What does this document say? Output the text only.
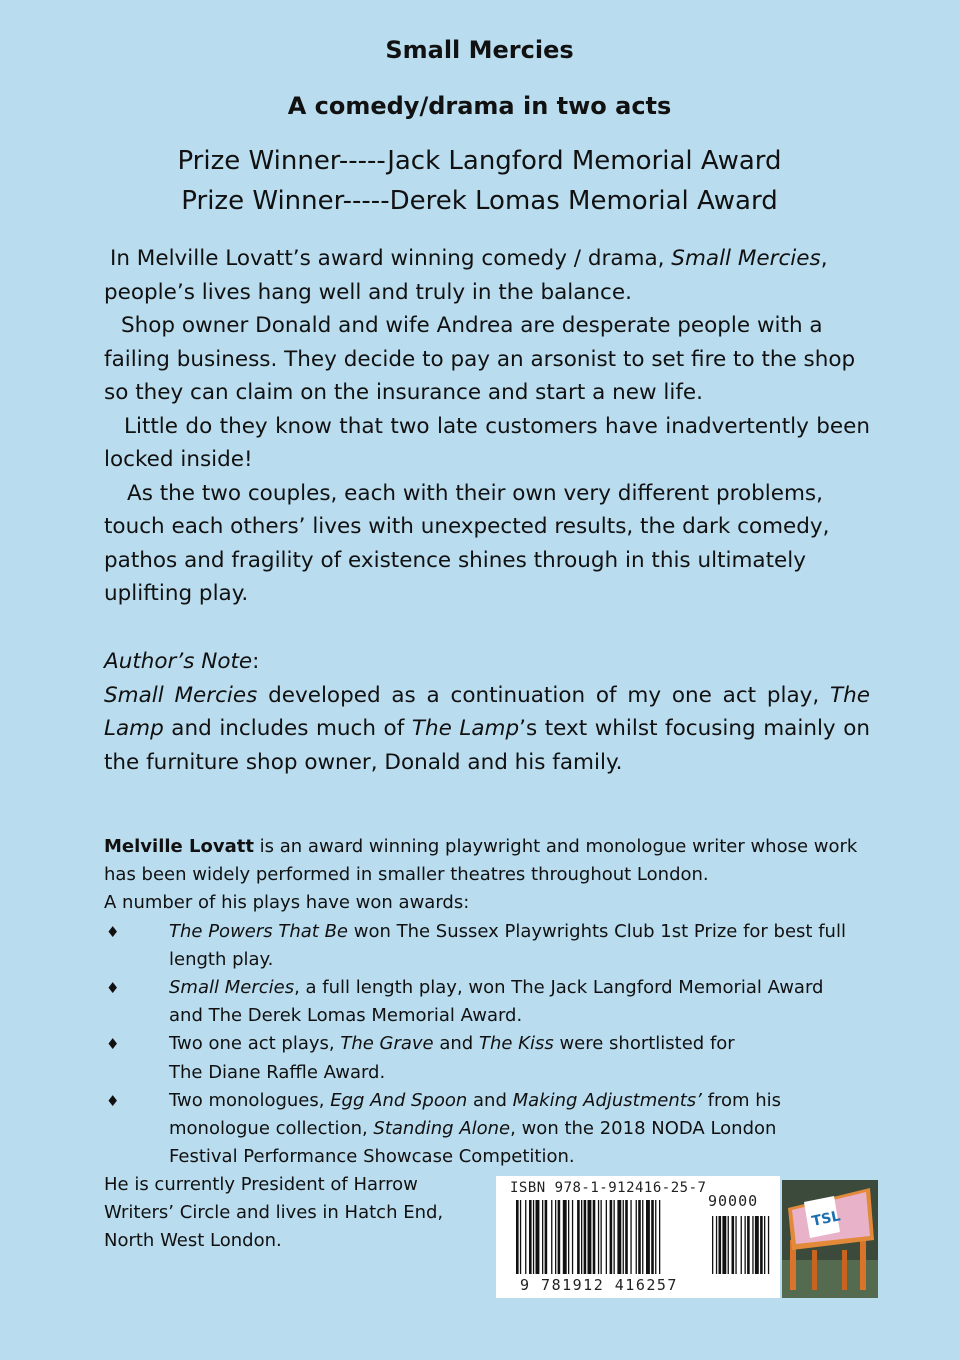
Small Mercies
A comedy/drama in two acts
Prize Winner-----Jack Langford Memorial Award
Prize Winner-----Derek Lomas Memorial Award

In Melville Lovatt’s award winning comedy / drama, Small Mercies, people’s lives hang well and truly in the balance.

Shop owner Donald and wife Andrea are desperate people with a failing business. They decide to pay an arsonist to set fire to the shop so they can claim on the insurance and start a new life.

Little do they know that two late customers have inadvertently been locked inside!

As the two couples, each with their own very different problems, touch each others’ lives with unexpected results, the dark comedy, pathos and fragility of existence shines through in this ultimately uplifting play.

Author’s Note:

Small Mercies developed as a continuation of my one act play, The Lamp and includes much of The Lamp’s text whilst focusing mainly on the furniture shop owner, Donald and his family.

Melville Lovatt is an award winning playwright and monologue writer whose work has been widely performed in smaller theatres throughout London.

A number of his plays have won awards:

♦	The Powers That Be won The Sussex Playwrights Club 1st Prize for best full length play.
♦	Small Mercies, a full length play, won The Jack Langford Memorial Award and The Derek Lomas Memorial Award.
♦	Two one act plays, The Grave and The Kiss were shortlisted for The Diane Raffle Award.
♦	Two monologues, Egg And Spoon and Making Adjustments’ from his monologue collection, Standing Alone, won the 2018 NODA London Festival Performance Showcase Competition.
He is currently President of Harrow Writers’ Circle and lives in Hatch End, North West London.
ISBN 978-1-912416-25-7
90000
9 781912 416257
TSL
